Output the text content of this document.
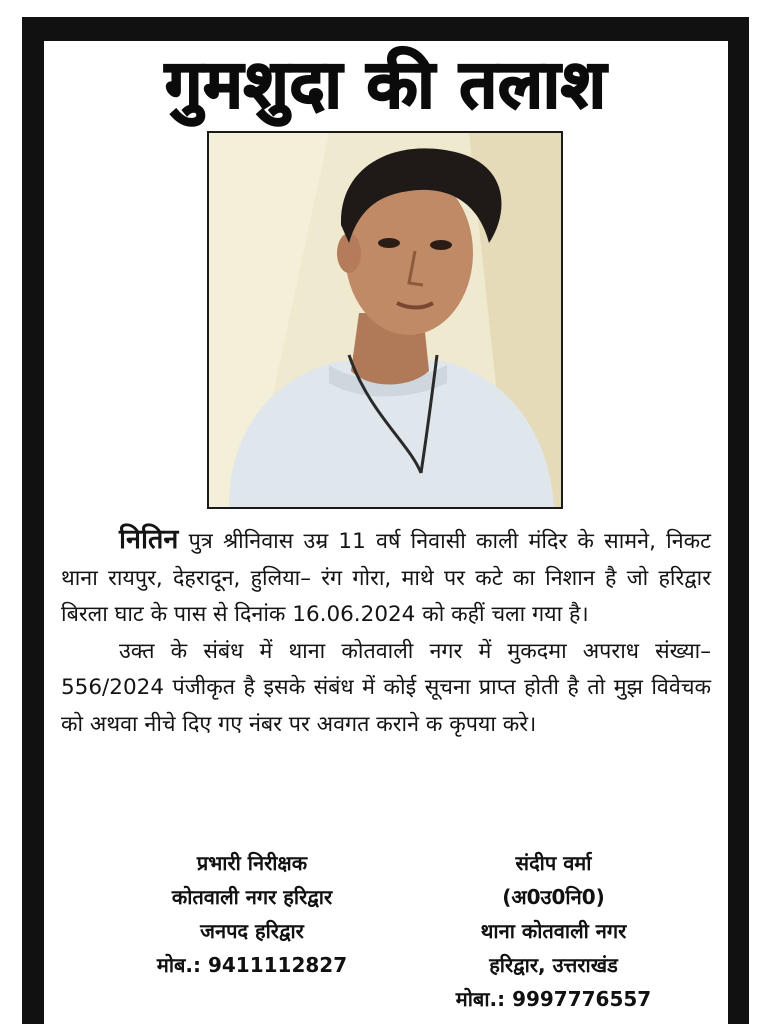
गुमशुदा की तलाश

नितिन पुत्र श्रीनिवास उम्र 11 वर्ष निवासी काली मंदिर के सामने, निकट थाना रायपुर, देहरादून, हुलिया– रंग गोरा, माथे पर कटे का निशान है जो हरिद्वार बिरला घाट के पास से दिनांक 16.06.2024 को कहीं चला गया है।

उक्त के संबंध में थाना कोतवाली नगर में मुकदमा अपराध संख्या–556/2024 पंजीकृत है इसके संबंध में कोई सूचना प्राप्त होती है तो मुझ विवेचक को अथवा नीचे दिए गए नंबर पर अवगत कराने क कृपया करे।

प्रभारी निरीक्षक
कोतवाली नगर हरिद्वार
जनपद हरिद्वार
मोब.: 9411112827
संदीप वर्मा
(अ0उ0नि0)
थाना कोतवाली नगर
हरिद्वार, उत्तराखंड
मोबा.: 9997776557
